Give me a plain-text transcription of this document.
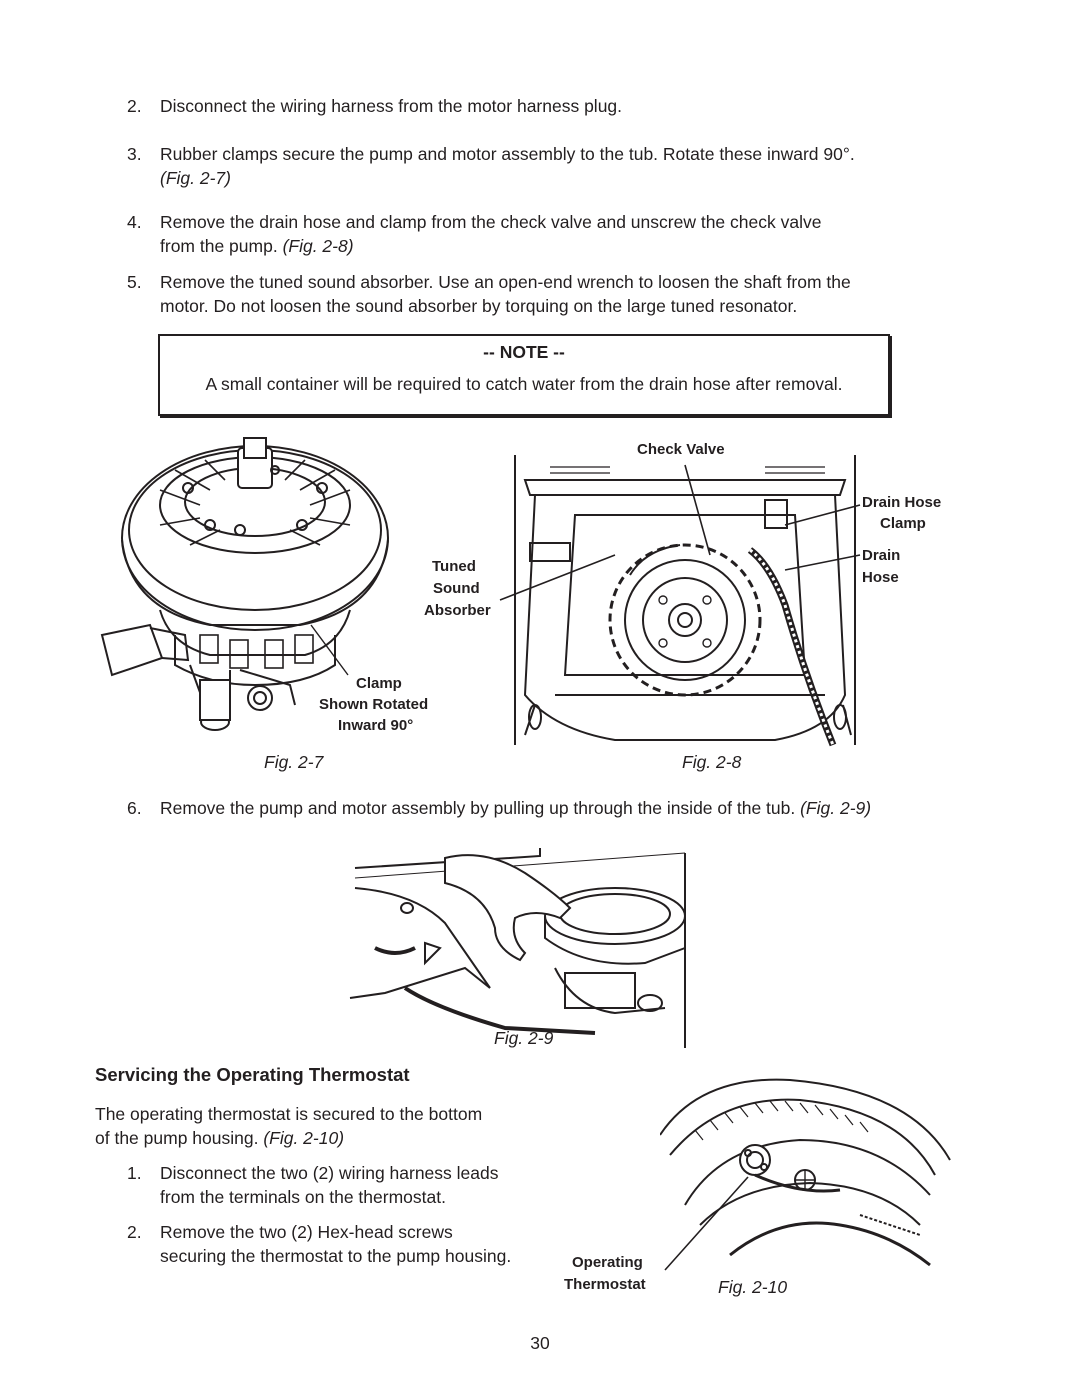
2. Disconnect the wiring harness from the motor harness plug.
3. Rubber clamps secure the pump and motor assembly to the tub. Rotate these inward 90°.
(Fig. 2-7)
4. Remove the drain hose and clamp from the check valve and unscrew the check valve
from the pump. (Fig. 2-8)
5. Remove the tuned sound absorber. Use an open-end wrench to loosen the shaft from the
motor. Do not loosen the sound absorber by torquing on the large tuned resonator.
-- NOTE --
A small container will be required to catch water from the drain hose after removal.
Tuned
Sound
Absorber
Clamp
Shown Rotated
Inward 90°
Fig. 2-7
Check Valve
Drain Hose
Clamp
Drain
Hose
Fig. 2-8
6. Remove the pump and motor assembly by pulling up through the inside of the tub. (Fig. 2-9)
Fig. 2-9
Servicing the Operating Thermostat
The operating thermostat is secured to the bottom
of the pump housing. (Fig. 2-10)
1. Disconnect the two (2) wiring harness leads
from the terminals on the thermostat.
2. Remove the two (2) Hex-head screws
securing the thermostat to the pump housing.	Operating
Thermostat	Fig. 2-10
30
